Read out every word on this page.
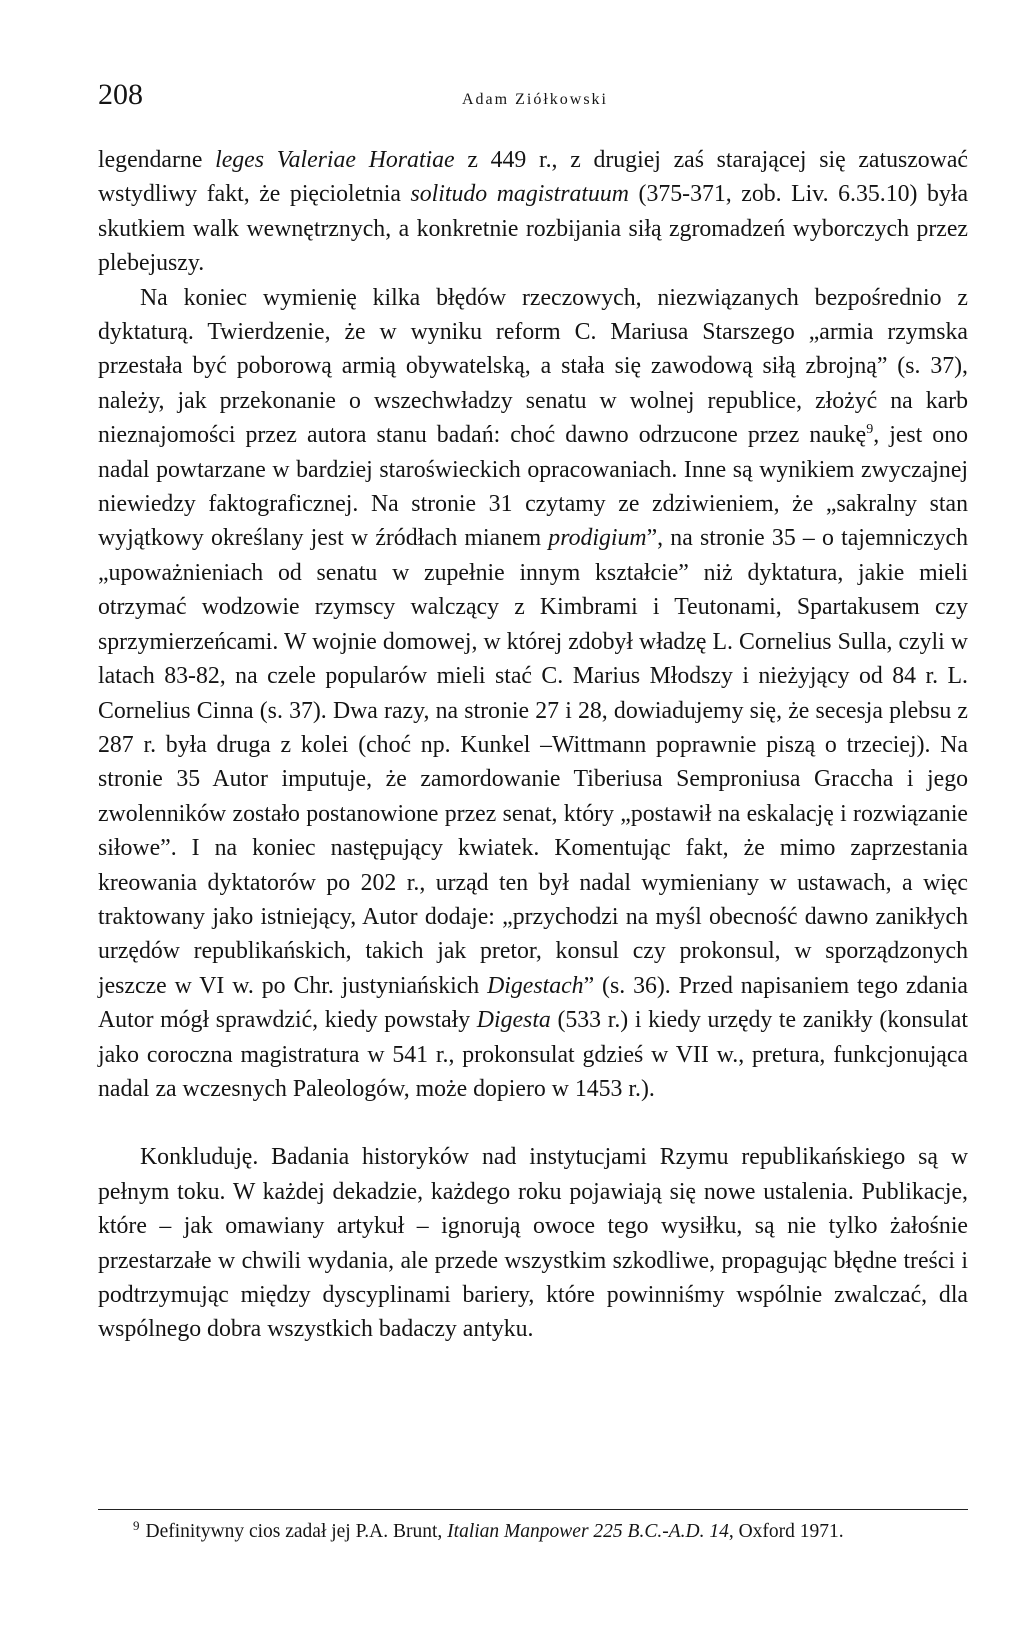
208	Adam Ziółkowski

legendarne leges Valeriae Horatiae z 449 r., z drugiej zaś starającej się zatuszować wstydliwy fakt, że pięcioletnia solitudo magistratuum (375-371, zob. Liv. 6.35.10) była skutkiem walk wewnętrznych, a konkretnie rozbijania siłą zgromadzeń wyborczych przez plebejuszy.

Na koniec wymienię kilka błędów rzeczowych, niezwiązanych bezpośrednio z dyktaturą. Twierdzenie, że w wyniku reform C. Mariusa Starszego „armia rzymska przestała być poborową armią obywatelską, a stała się zawodową siłą zbrojną” (s. 37), należy, jak przekonanie o wszechwładzy senatu w wolnej republice, złożyć na karb nieznajomości przez autora stanu badań: choć dawno odrzucone przez naukę$^9$, jest ono nadal powtarzane w bardziej staroświeckich opracowaniach. Inne są wynikiem zwyczajnej niewiedzy faktograficznej. Na stronie 31 czytamy ze zdziwieniem, że „sakralny stan wyjątkowy określany jest w źródłach mianem prodigium”, na stronie 35 – o tajemniczych „upoważnieniach od senatu w zupełnie innym kształcie” niż dyktatura, jakie mieli otrzymać wodzowie rzymscy walczący z Kimbrami i Teutonami, Spartakusem czy sprzymierzeńcami. W wojnie domowej, w której zdobył władzę L. Cornelius Sulla, czyli w latach 83-82, na czele popularów mieli stać C. Marius Młodszy i nieżyjący od 84 r. L. Cornelius Cinna (s. 37). Dwa razy, na stronie 27 i 28, dowiadujemy się, że secesja plebsu z 287 r. była druga z kolei (choć np. Kunkel –Wittmann poprawnie piszą o trzeciej). Na stronie 35 Autor imputuje, że zamordowanie Tiberiusa Semproniusa Gracchа i jego zwolenników zostało postanowione przez senat, który „postawił na eskalację i rozwiązanie siłowe”. I na koniec następujący kwiatek. Komentując fakt, że mimo zaprzestania kreowania dyktatorów po 202 r., urząd ten był nadal wymieniany w ustawach, a więc traktowany jako istniejący, Autor dodaje: „przychodzi na myśl obecność dawno zanikłych urzędów republikańskich, takich jak pretor, konsul czy prokonsul, w sporządzonych jeszcze w VI w. po Chr. justyniańskich Digestach” (s. 36). Przed napisaniem tego zdania Autor mógł sprawdzić, kiedy powstały Digesta (533 r.) i kiedy urzędy te zanikły (konsulat jako coroczna magistratura w 541 r., prokonsulat gdzieś w VII w., pretura, funkcjonująca nadal za wczesnych Paleologów, może dopiero w 1453 r.).

Konkluduję. Badania historyków nad instytucjami Rzymu republikańskiego są w pełnym toku. W każdej dekadzie, każdego roku pojawiają się nowe ustalenia. Publikacje, które – jak omawiany artykuł – ignorują owoce tego wysiłku, są nie tylko żałośnie przestarzałe w chwili wydania, ale przede wszystkim szkodliwe, propagując błędne treści i podtrzymując między dyscyplinami bariery, które powinniśmy wspólnie zwalczać, dla wspólnego dobra wszystkich badaczy antyku.

$^9$ Definitywny cios zadał jej P.A. Brunt, Italian Manpower 225 B.C.-A.D. 14, Oxford 1971.
